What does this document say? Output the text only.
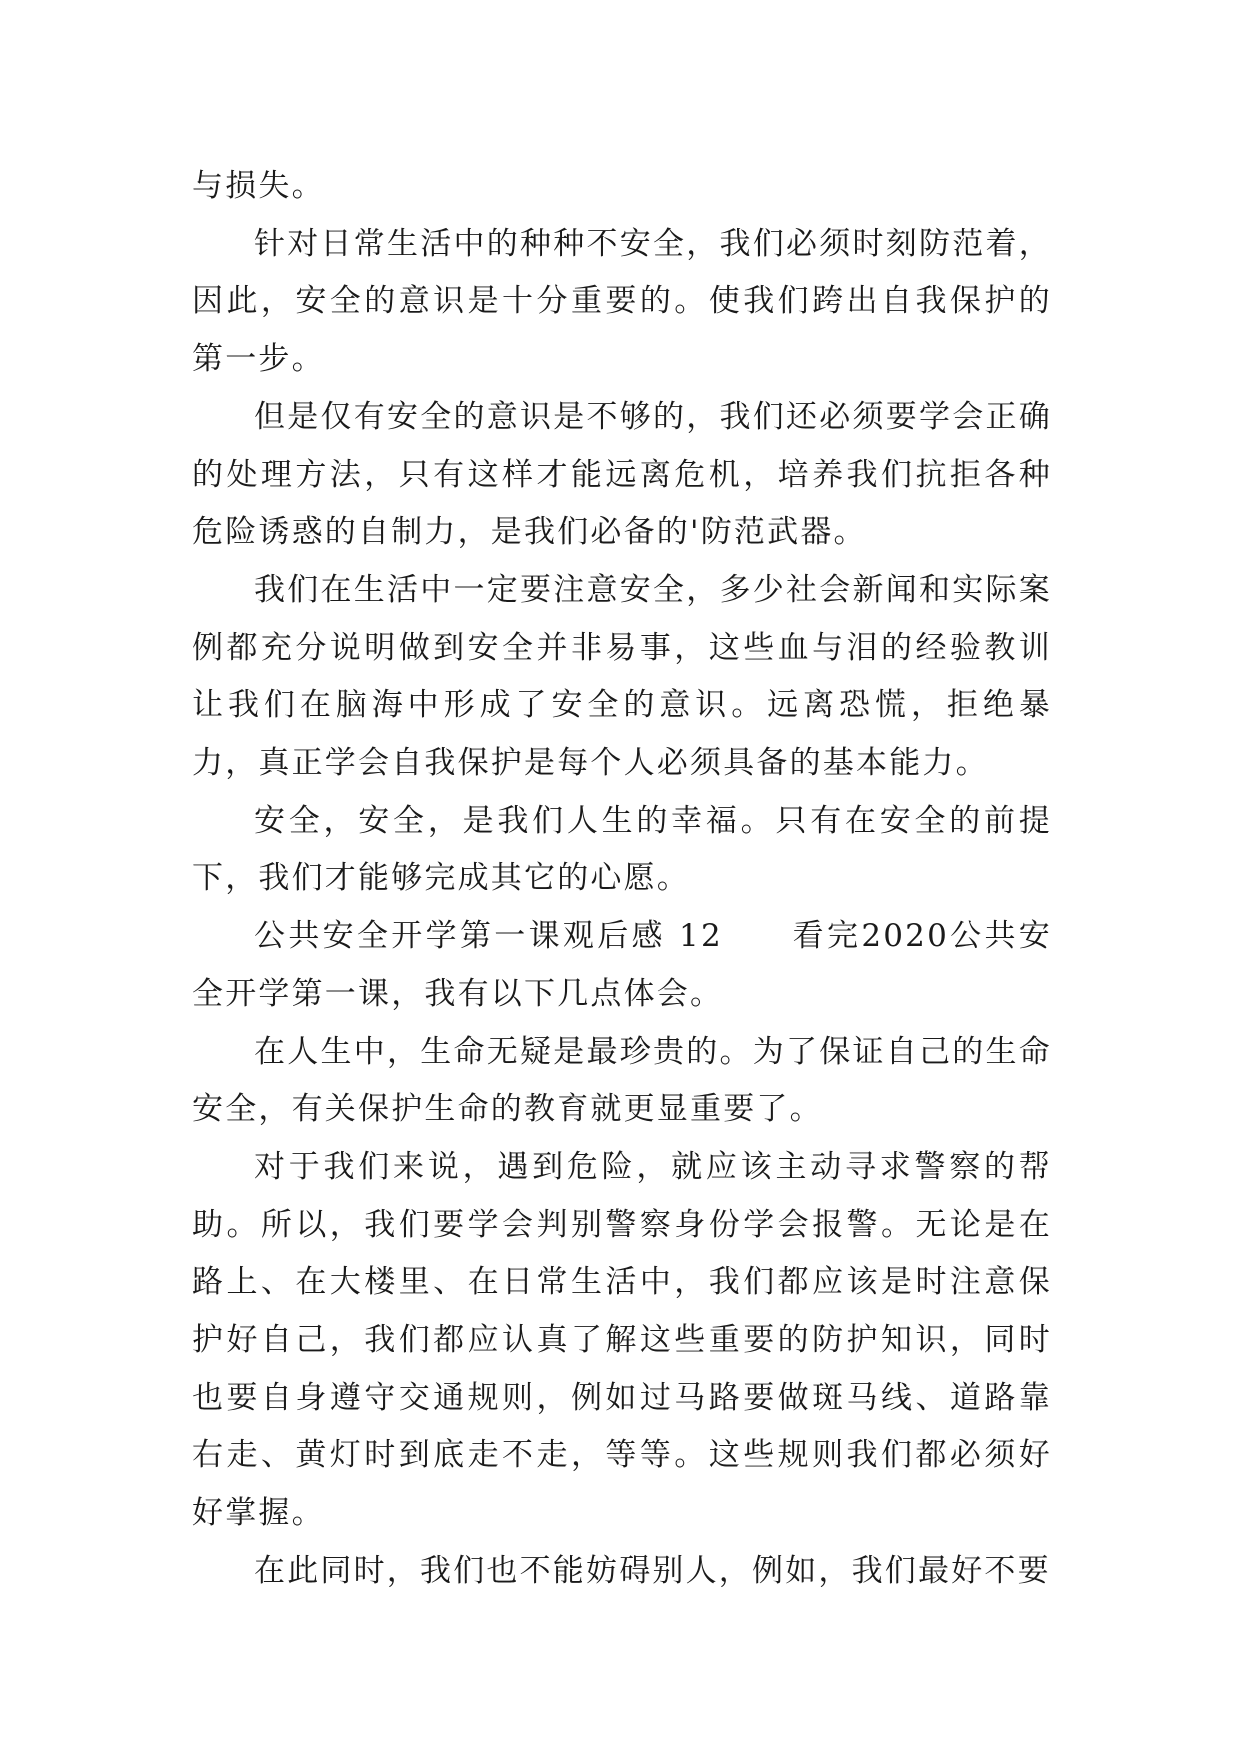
与损失。

针对日常生活中的种种不安全，我们必须时刻防范着，因此，安全的意识是十分重要的。使我们跨出自我保护的第一步。

但是仅有安全的意识是不够的，我们还必须要学会正确的处理方法，只有这样才能远离危机，培养我们抗拒各种危险诱惑的自制力，是我们必备的'防范武器。

我们在生活中一定要注意安全，多少社会新闻和实际案例都充分说明做到安全并非易事，这些血与泪的经验教训让我们在脑海中形成了安全的意识。远离恐慌，拒绝暴力，真正学会自我保护是每个人必须具备的基本能力。

安全，安全，是我们人生的幸福。只有在安全的前提下，我们才能够完成其它的心愿。

公共安全开学第一课观后感 12　　看完2020公共安全开学第一课，我有以下几点体会。

在人生中，生命无疑是最珍贵的。为了保证自己的生命安全，有关保护生命的教育就更显重要了。

对于我们来说，遇到危险，就应该主动寻求警察的帮助。所以，我们要学会判别警察身份学会报警。无论是在路上、在大楼里、在日常生活中，我们都应该是时注意保护好自己，我们都应认真了解这些重要的防护知识，同时也要自身遵守交通规则，例如过马路要做斑马线、道路靠右走、黄灯时到底走不走，等等。这些规则我们都必须好好掌握。

在此同时，我们也不能妨碍别人，例如，我们最好不要
